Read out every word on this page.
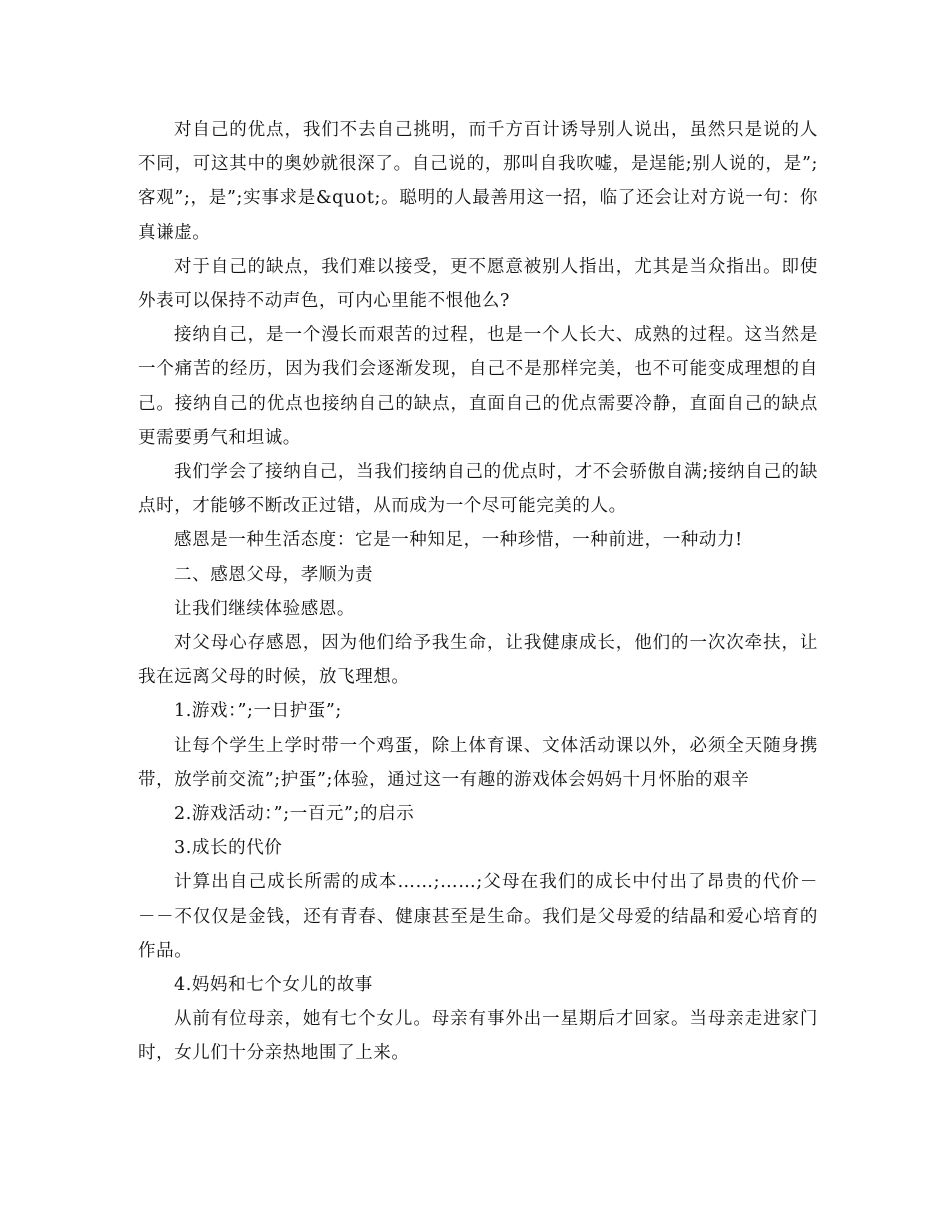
对自己的优点，我们不去自己挑明，而千方百计诱导别人说出，虽然只是说的人不同，可这其中的奥妙就很深了。自己说的，那叫自我吹嘘，是逞能;别人说的，是”;客观”;，是”;实事求是&quot;。聪明的人最善用这一招，临了还会让对方说一句：你真谦虚。

对于自己的缺点，我们难以接受，更不愿意被别人指出，尤其是当众指出。即使外表可以保持不动声色，可内心里能不恨他么?

接纳自己，是一个漫长而艰苦的过程，也是一个人长大、成熟的过程。这当然是一个痛苦的经历，因为我们会逐渐发现，自己不是那样完美，也不可能变成理想的自己。接纳自己的优点也接纳自己的缺点，直面自己的优点需要冷静，直面自己的缺点更需要勇气和坦诚。

我们学会了接纳自己，当我们接纳自己的优点时，才不会骄傲自满;接纳自己的缺点时，才能够不断改正过错，从而成为一个尽可能完美的人。

感恩是一种生活态度：它是一种知足，一种珍惜，一种前进，一种动力!

二、感恩父母，孝顺为责

让我们继续体验感恩。

对父母心存感恩，因为他们给予我生命，让我健康成长，他们的一次次牵扶，让我在远离父母的时候，放飞理想。

1.游戏：”;一日护蛋”;

让每个学生上学时带一个鸡蛋，除上体育课、文体活动课以外，必须全天随身携带，放学前交流”;护蛋”;体验，通过这一有趣的游戏体会妈妈十月怀胎的艰辛

2.游戏活动：”;一百元”;的启示

3.成长的代价

计算出自己成长所需的成本……;……;父母在我们的成长中付出了昂贵的代价－－－不仅仅是金钱，还有青春、健康甚至是生命。我们是父母爱的结晶和爱心培育的作品。

4.妈妈和七个女儿的故事

从前有位母亲，她有七个女儿。母亲有事外出一星期后才回家。当母亲走进家门时，女儿们十分亲热地围了上来。
